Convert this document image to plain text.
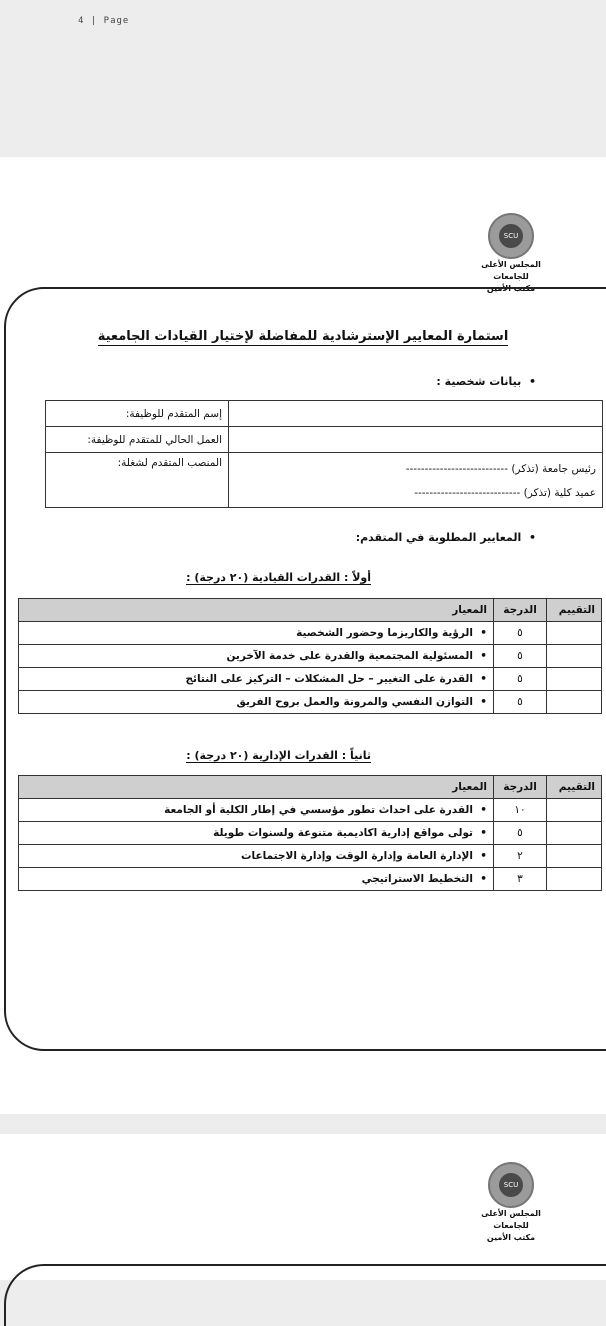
4 | Page
SCU
المجلس الأعلى للجامعات
مكتب الأمين
استمارة المعايير الإسترشادية للمفاضلة لإختيار القيادات الجامعية
•  بيانات شخصية :
إسم المتقدم للوظيفة:	
العمل الحالي للمتقدم للوظيفة:	
المنصب المتقدم لشغلة:	رئيس جامعة (تذكر) ---------------------------
عميد كلية (تذكر) ----------------------------
•  المعايير المطلوبة في المتقدم:
أولاً : القدرات القيادية (٢٠ درجة) :
المعيار	الدرجة	التقييم
•  الرؤية والكاريزما وحضور الشخصية	٥	
•  المسئولية المجتمعية والقدرة على خدمة الآخرين	٥	
•  القدرة على التغيير – حل المشكلات – التركيز على النتائج	٥	
•  التوازن النفسي والمرونة والعمل بروح الفريق	٥	
ثانياً : القدرات الإدارية (٢٠ درجة) :
المعيار	الدرجة	التقييم
•  القدرة على احداث تطور مؤسسي في إطار الكلية أو الجامعة	١٠	
•  تولى مواقع إدارية اكاديمية متنوعة ولسنوات طويلة	٥	
•  الإدارة العامة وإدارة الوقت وإدارة الاجتماعات	٢	
•  التخطيط الاستراتيجي	٣	
SCU
المجلس الأعلى للجامعات
مكتب الأمين
